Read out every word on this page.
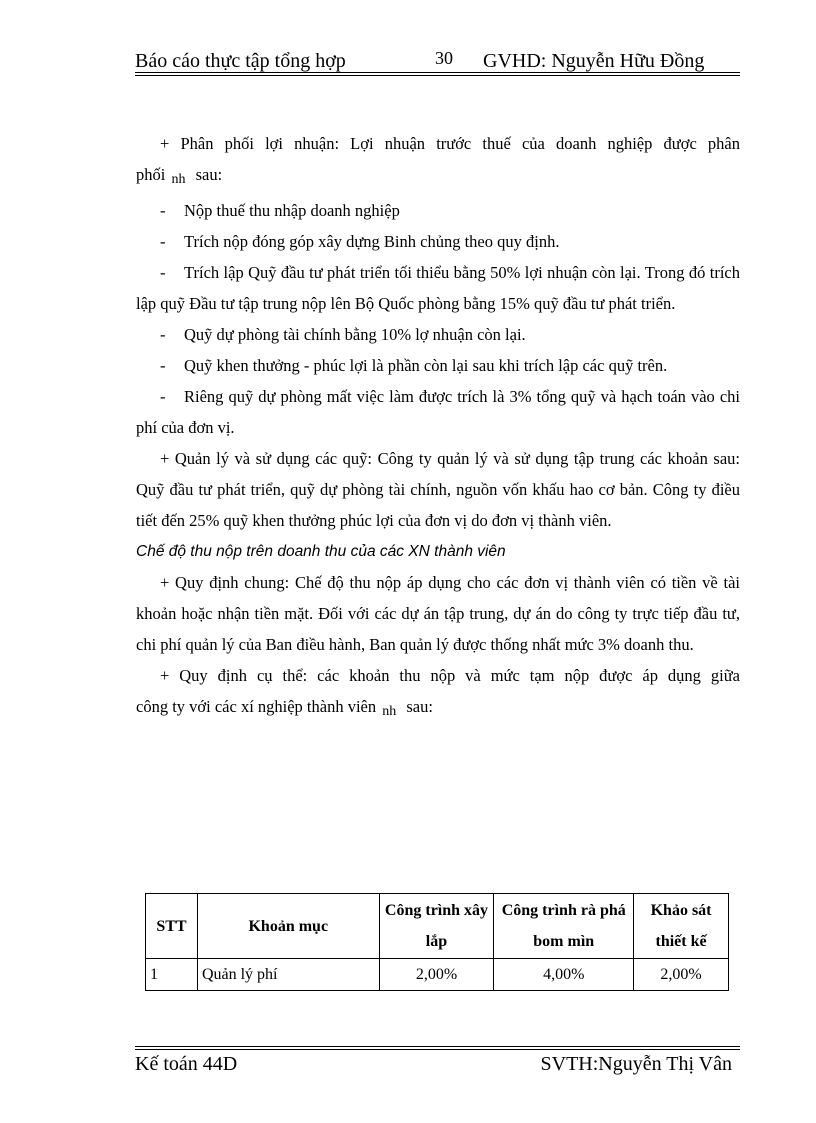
Báo cáo thực tập tổng hợp	30 GVHD: Nguyễn Hữu Đồng

+ Phân phối lợi nhuận: Lợi nhuận trước thuế của doanh nghiệp được phân

phối nh sau:

- Nộp thuế thu nhập doanh nghiệp

- Trích nộp đóng góp xây dựng Binh chủng theo quy định.

- Trích lập Quỹ đầu tư phát triển tối thiểu bằng 50% lợi nhuận còn lại. Trong đó trích lập quỹ Đầu tư tập trung nộp lên Bộ Quốc phòng bằng 15% quỹ đầu tư phát triển.

- Quỹ dự phòng tài chính bằng 10% lợ nhuận còn lại.

- Quỹ khen thưởng - phúc lợi là phần còn lại sau khi trích lập các quỹ trên.

- Riêng quỹ dự phòng mất việc làm được trích là 3% tổng quỹ và hạch toán vào chi phí của đơn vị.

+ Quản lý và sử dụng các quỹ: Công ty quản lý và sử dụng tập trung các khoản sau: Quỹ đầu tư phát triển, quỹ dự phòng tài chính, nguồn vốn khấu hao cơ bản. Công ty điều tiết đến 25% quỹ khen thưởng phúc lợi của đơn vị do đơn vị thành viên.

Chế độ thu nộp trên doanh thu của các XN thành viên

+ Quy định chung: Chế độ thu nộp áp dụng cho các đơn vị thành viên có tiền về tài khoản hoặc nhận tiền mặt. Đối với các dự án tập trung, dự án do công ty trực tiếp đầu tư, chi phí quản lý của Ban điều hành, Ban quản lý được thống nhất mức 3% doanh thu.

+ Quy định cụ thể: các khoản thu nộp và mức tạm nộp được áp dụng giữa

công ty với các xí nghiệp thành viên nh sau:

STT	Khoản mục	Công trình xây lắp	Công trình rà phá bom mìn	Khảo sát thiết kế
1	Quản lý phí	2,00%	4,00%	2,00%
Kế toán 44D	SVTH:Nguyễn Thị Vân
